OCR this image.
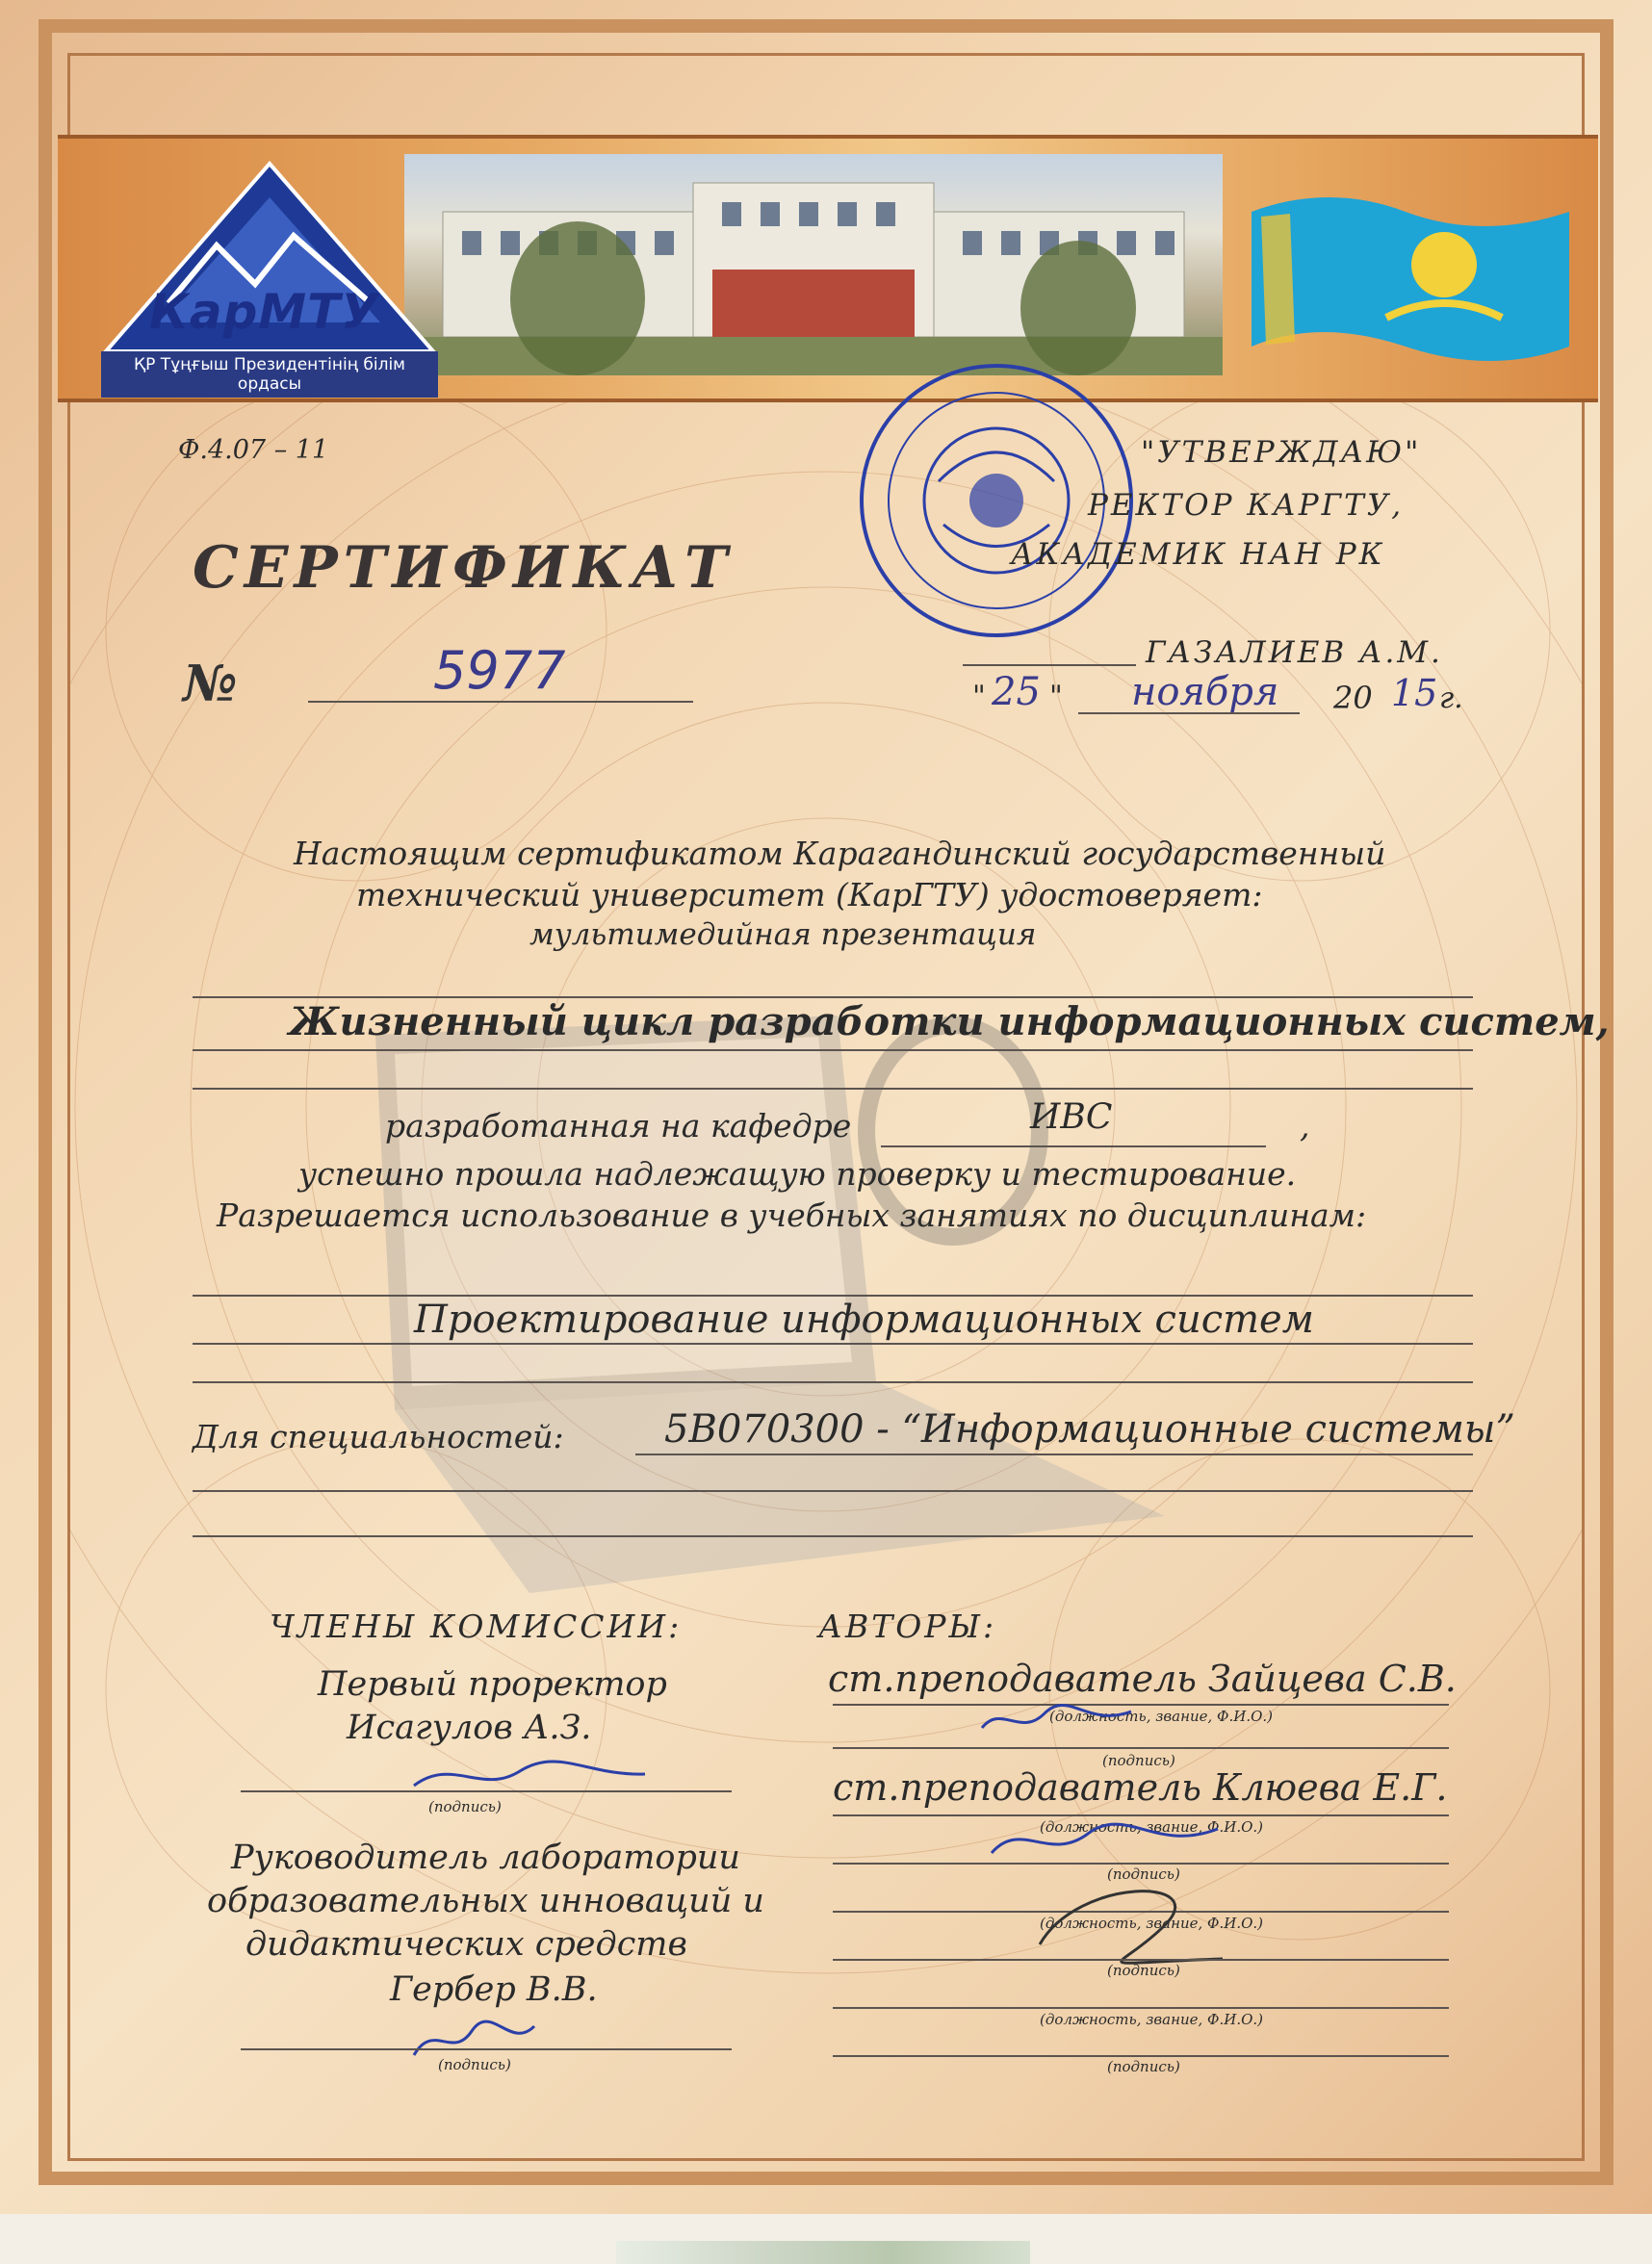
КарМТУ
ҚР Тұңғыш Президентінің білім ордасы
Ф.4.07 – 11
СЕРТИФИКАТ
№	5977
"УТВЕРЖДАЮ"
РЕКТОР КАРГТУ,
АКАДЕМИК НАН РК
ГАЗАЛИЕВ А.М.
" 25 " ноября 20 15 г.
Настоящим сертификатом Карагандинский государственный
технический университет (КарГТУ) удостоверяет:
мультимедийная презентация
Жизненный цикл разработки информационных систем,
разработанная на кафедре	ИВС	,
успешно прошла надлежащую проверку и тестирование.
Разрешается использование в учебных занятиях по дисциплинам:
Проектирование информационных систем
Для специальностей:	5В070300 - “Информационные системы”
ЧЛЕНЫ КОМИССИИ:
Первый проректор
Исагулов А.З.
(подпись)
Руководитель лаборатории
образовательных инноваций и
дидактических средств
Гербер В.В.
(подпись)
АВТОРЫ:
ст.преподаватель Зайцева С.В.
(должность, звание, Ф.И.О.)
(подпись)
ст.преподаватель Клюева Е.Г.
(должность, звание, Ф.И.О.)
(подпись)
(должность, звание, Ф.И.О.)
(подпись)
(должность, звание, Ф.И.О.)
(подпись)
